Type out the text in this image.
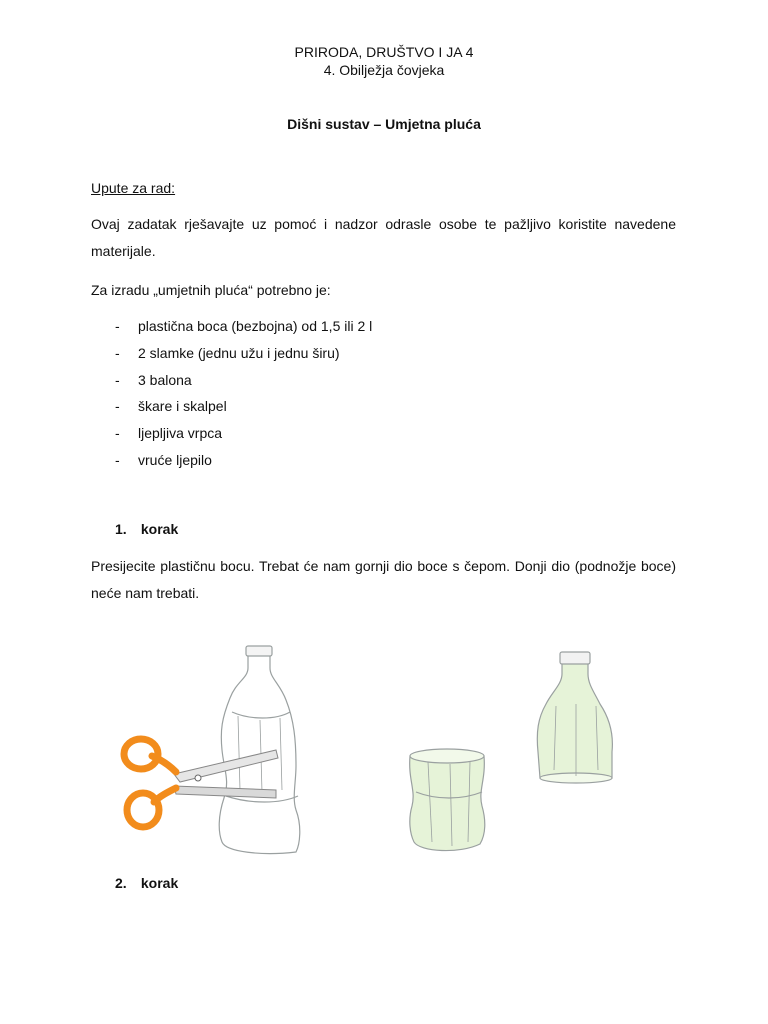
PRIRODA, DRUŠTVO I JA 4
4. Obilježja čovjeka
Dišni sustav – Umjetna pluća
Upute za rad:
Ovaj zadatak rješavajte uz pomoć i nadzor odrasle osobe te pažljivo koristite navedene materijale.
Za izradu „umjetnih pluća“ potrebno je:
- plastična boca (bezbojna) od 1,5 ili 2 l
- 2 slamke (jednu užu i jednu širu)
- 3 balona
- škare i skalpel
- ljepljiva vrpca
- vruće ljepilo
1. korak
Presijecite plastičnu bocu. Trebat će nam gornji dio boce s čepom. Donji dio (podnožje boce) neće nam trebati.
2. korak
